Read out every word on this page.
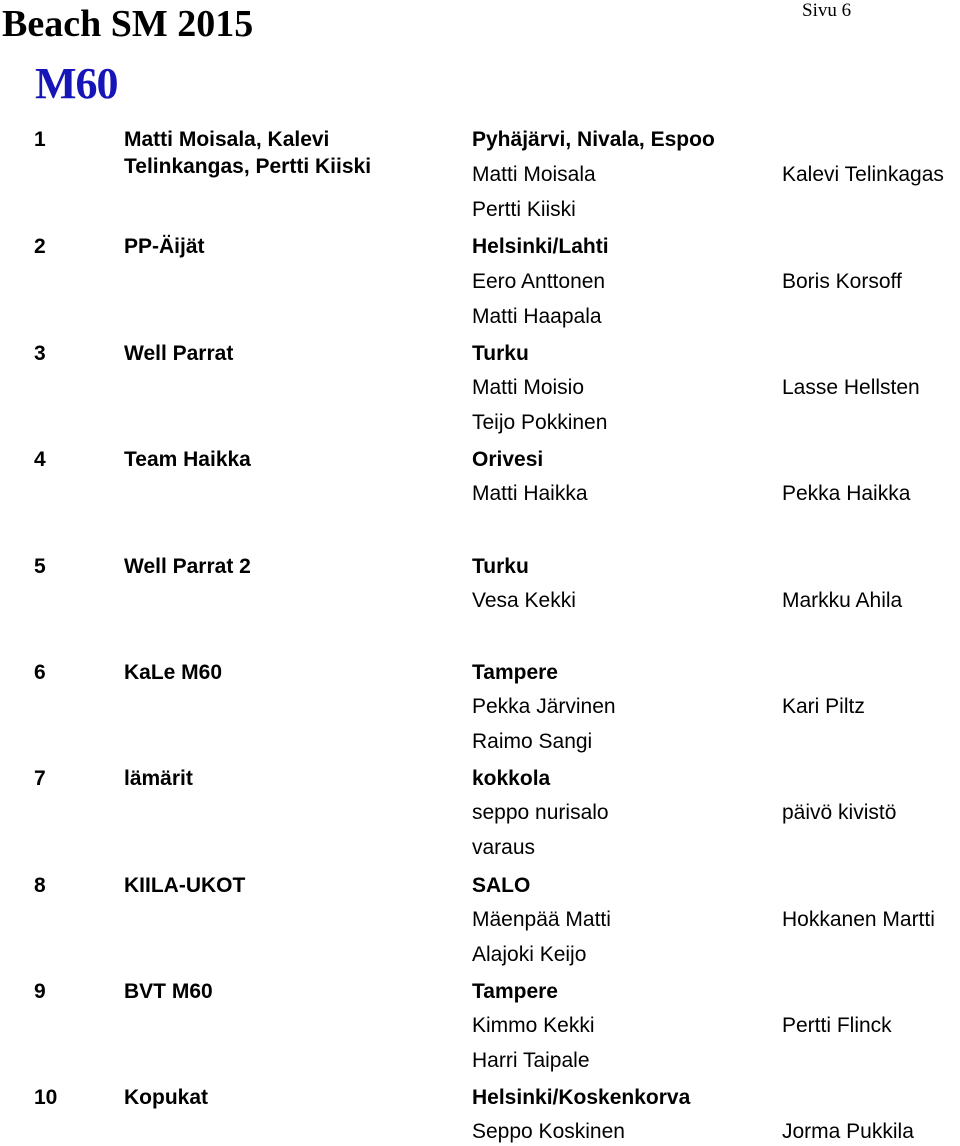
Beach SM 2015	Sivu 6
M60
1	Matti Moisala, Kalevi
Telinkangas, Pertti Kiiski
Pyhäjärvi, Nivala, Espoo
Matti Moisala	Kalevi Telinkagas
Pertti Kiiski
2	PP-Äijät	Helsinki/Lahti
Eero Anttonen	Boris Korsoff
Matti Haapala
3	Well Parrat	Turku
Matti Moisio	Lasse Hellsten
Teijo Pokkinen
4	Team Haikka	Orivesi
Matti Haikka	Pekka Haikka
5	Well Parrat 2	Turku
Vesa Kekki	Markku Ahila
6	KaLe M60	Tampere
Pekka Järvinen	Kari Piltz
Raimo Sangi
7	lämärit	kokkola
seppo nurisalo	päivö kivistö
varaus
8	KIILA-UKOT	SALO
Mäenpää Matti	Hokkanen Martti
Alajoki Keijo
9	BVT M60	Tampere
Kimmo Kekki	Pertti Flinck
Harri Taipale
10	Kopukat	Helsinki/Koskenkorva
Seppo Koskinen	Jorma Pukkila
